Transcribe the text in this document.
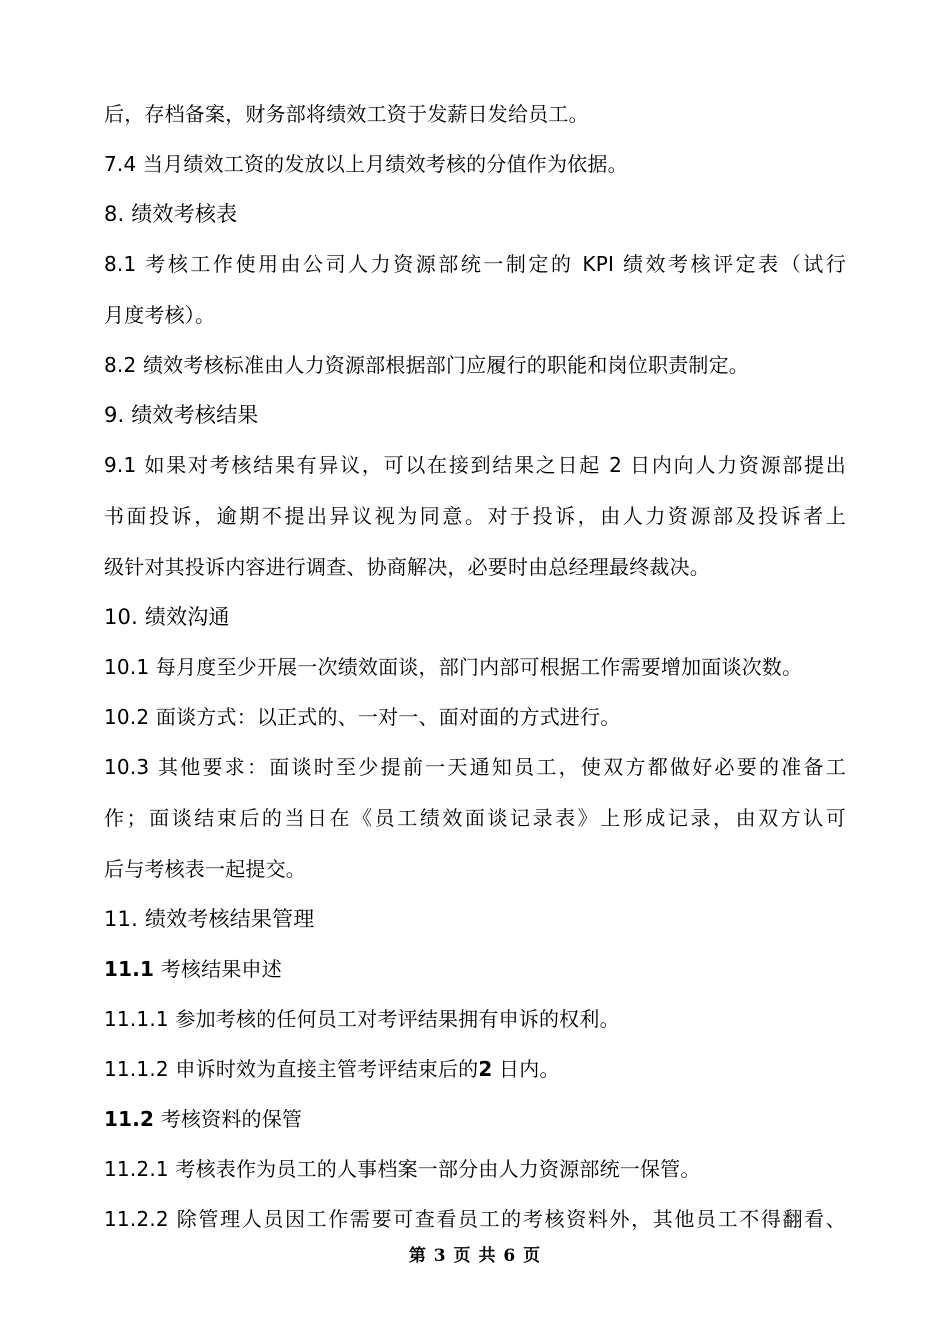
后，存档备案，财务部将绩效工资于发薪日发给员工。
7.4 当月绩效工资的发放以上月绩效考核的分值作为依据。
8. 绩效考核表
8.1 考核工作使用由公司人力资源部统一制定的 KPI 绩效考核评定表（试行
月度考核）。
8.2 绩效考核标准由人力资源部根据部门应履行的职能和岗位职责制定。
9. 绩效考核结果
9.1 如果对考核结果有异议，可以在接到结果之日起 2 日内向人力资源部提出
书面投诉，逾期不提出异议视为同意。对于投诉，由人力资源部及投诉者上
级针对其投诉内容进行调查、协商解决，必要时由总经理最终裁决。
10. 绩效沟通
10.1 每月度至少开展一次绩效面谈，部门内部可根据工作需要增加面谈次数。
10.2 面谈方式：以正式的、一对一、面对面的方式进行。
10.3 其他要求：面谈时至少提前一天通知员工，使双方都做好必要的准备工
作；面谈结束后的当日在《员工绩效面谈记录表》上形成记录，由双方认可
后与考核表一起提交。
11. 绩效考核结果管理
11.1 考核结果申述
11.1.1 参加考核的任何员工对考评结果拥有申诉的权利。
11.1.2 申诉时效为直接主管考评结束后的2 日内。
11.2 考核资料的保管
11.2.1 考核表作为员工的人事档案一部分由人力资源部统一保管。
11.2.2 除管理人员因工作需要可查看员工的考核资料外，其他员工不得翻看、
第 3 页 共 6 页
